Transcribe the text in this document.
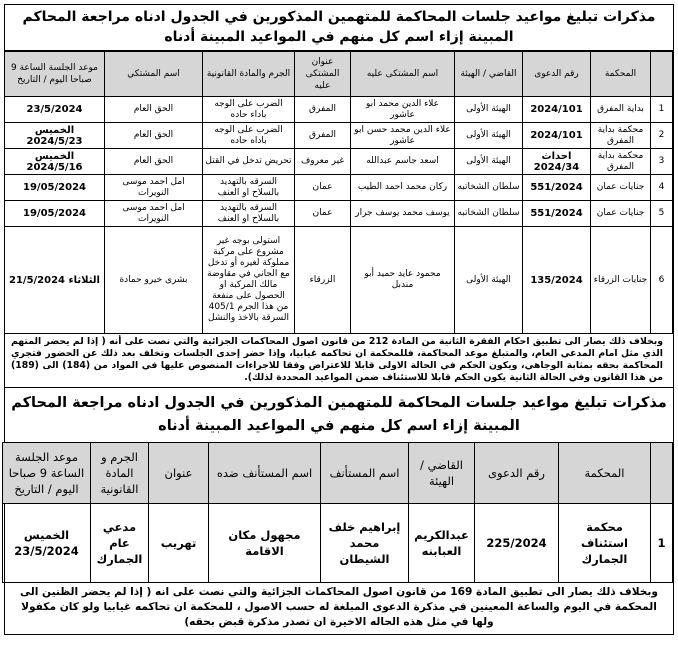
مذكرات تبليغ مواعيد جلسات المحاكمة للمتهمين المذكورين في الجدول ادناه مراجعة المحاكم المبينة إزاء اسم كل منهم في المواعيد المبينة أدناه
	المحكمة	رقم الدعوى	القاضي / الهيئة	اسم المشتكى عليه	عنوان المشتكى عليه	الجرم والمادة القانونية	اسم المشتكي	موعد الجلسة الساعة 9 صباحا اليوم / التاريخ
1	بداية المفرق	2024/101	الهيئة الأولى	علاء الدين محمد ابو عاشور	المفرق	الضرب على الوجه باداء حاده	الحق العام	23/5/2024
2	محكمة بداية المفرق	2024/101	الهيئة الأولى	علاء الدين محمد حسن ابو عاشور	المفرق	الضرب على الوجه باداه حاده	الحق العام	الخميس 2024/5/23
3	محكمة بداية المفرق	احداث 2024/34	الهيئة الأولى	اسعد جاسم عبدالله	غير معروف	تحريض تدخل في القتل	الحق العام	الخميس 2024/5/16
4	جنايات عمان	551/2024	سلطان الشخاتبه	ركان محمد احمد الطيب	عمان	السرقه بالتهديد بالسلاح او العنف	امل احمد موسى النويرات	19/05/2024
5	جنايات عمان	551/2024	سلطان الشخاتبه	يوسف محمد يوسف جرار	عمان	السرقه بالتهديد بالسلاح او العنف	امل احمد موسى النويرات	19/05/2024
6	جنايات الزرقاء	135/2024	الهيئة الأولى	محمود عايد حميد أبو مندبل	الزرقاء	استولى بوجه غير مشروع على مركبة مملوكة لغيره أو تدخل مع الجاني في مقاوضة مالك المركبة او الحصول على منفعة من هذا الجرم 405/1 السرقة بالاخذ والنشل	بشرى خيرو حمادة	الثلاثاء 21/5/2024
وبخلاف ذلك يصار الى تطبيق احكام الفقرة الثانية من المادة 212 من قانون اصول المحاكمات الجزائية والتي نصت على أنه ( إذا لم يحضر المتهم الذي مثل امام المدعي العام، والمتبلغ موعد المحاكمة، فللمحكمة ان تحاكمه غيابيا، وإذا حضر إحدى الجلسات وتخلف بعد ذلك عن الحضور فتجري المحاكمة بحقه بمثابة الوجاهي، ويكون الحكم في الحالة الاولى قابلا للاعتراض وفقا للاجراءات المنصوص عليها في المواد من (184) الى (189) من هذا القانون وفي الحالة الثانية يكون الحكم قابلا للاستئناف ضمن المواعيد المحددة لذلك).
مذكرات تبليغ مواعيد جلسات المحاكمة للمتهمين المذكورين في الجدول ادناه مراجعة المحاكم المبينة إزاء اسم كل منهم في المواعيد المبينة أدناه
	المحكمة	رقم الدعوى	القاضي / الهيئة	اسم المستأنف	اسم المستأنف ضده	عنوان	الجرم و المادة القانونية	موعد الجلسة الساعة 9 صباحا اليوم / التاريخ
1	محكمة استئناف الجمارك	225/2024	عبدالكريم العبابنه	إبراهيم خلف محمد الشيطان	مجهول مكان الاقامة	تهريب	مدعي عام الجمارك	الخميس 23/5/2024
وبخلاف ذلك يصار الى تطبيق المادة 169 من قانون اصول المحاكمات الجزائية والتي نصت على انه ( إذا لم يحضر الظنين الى المحكمة في اليوم والساعة المعينين في مذكرة الدعوى المبلغة له حسب الاصول ، للمحكمة ان تحاكمه غيابيا ولو كان مكفولا ولها في مثل هذه الحاله الاخيرة ان تصدر مذكرة قبض بحقه)
